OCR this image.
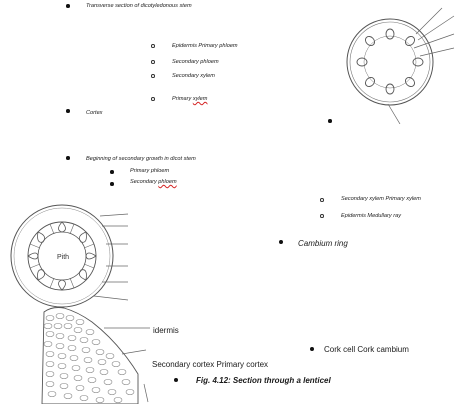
Transverse section of dicotyledonous stem
Epidermis Primary phloem
Secondary phloem
Secondary xylem
Primary xylem
Cortex
Beginning of secondary growth in dicot stem
Primary phloem
Secondary phloem
Secondary xylem Primary xylem
Epidermis Medullary ray
Cambium ring
idermis
Cork cell Cork cambium
Secondary cortex Primary cortex
Fig. 4.12: Section through a lenticel
Pith
